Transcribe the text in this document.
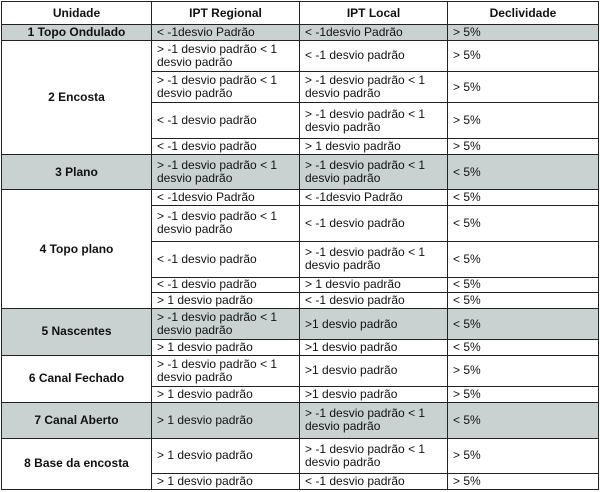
Unidade	IPT Regional	IPT Local	Declividade
1 Topo Ondulado	< -1desvio Padrão	< -1desvio Padrão	> 5%
2 Encosta	> -1 desvio padrão < 1 desvio padrão	< -1 desvio padrão	> 5%
	> -1 desvio padrão < 1 desvio padrão	> -1 desvio padrão < 1 desvio padrão	> 5%
	< -1 desvio padrão	> -1 desvio padrão < 1 desvio padrão	> 5%
	< -1 desvio padrão	> 1 desvio padrão	> 5%
3 Plano	> -1 desvio padrão < 1 desvio padrão	> -1 desvio padrão < 1 desvio padrão	< 5%
4 Topo plano	< -1desvio Padrão	< -1desvio Padrão	< 5%
	> -1 desvio padrão < 1 desvio padrão	< -1 desvio padrão	< 5%
	< -1 desvio padrão	> -1 desvio padrão < 1 desvio padrão	< 5%
	< -1 desvio padrão	> 1 desvio padrão	< 5%
	> 1 desvio padrão	< -1 desvio padrão	< 5%
5 Nascentes	> -1 desvio padrão < 1 desvio padrão	>1 desvio padrão	< 5%
	> 1 desvio padrão	>1 desvio padrão	< 5%
6 Canal Fechado	> -1 desvio padrão < 1 desvio padrão	>1 desvio padrão	> 5%
	> 1 desvio padrão	>1 desvio padrão	> 5%
7 Canal Aberto	> 1 desvio padrão	> -1 desvio padrão < 1 desvio padrão	< 5%
8 Base da encosta	> 1 desvio padrão	> -1 desvio padrão < 1 desvio padrão	> 5%
	> 1 desvio padrão	< -1 desvio padrão	> 5%
